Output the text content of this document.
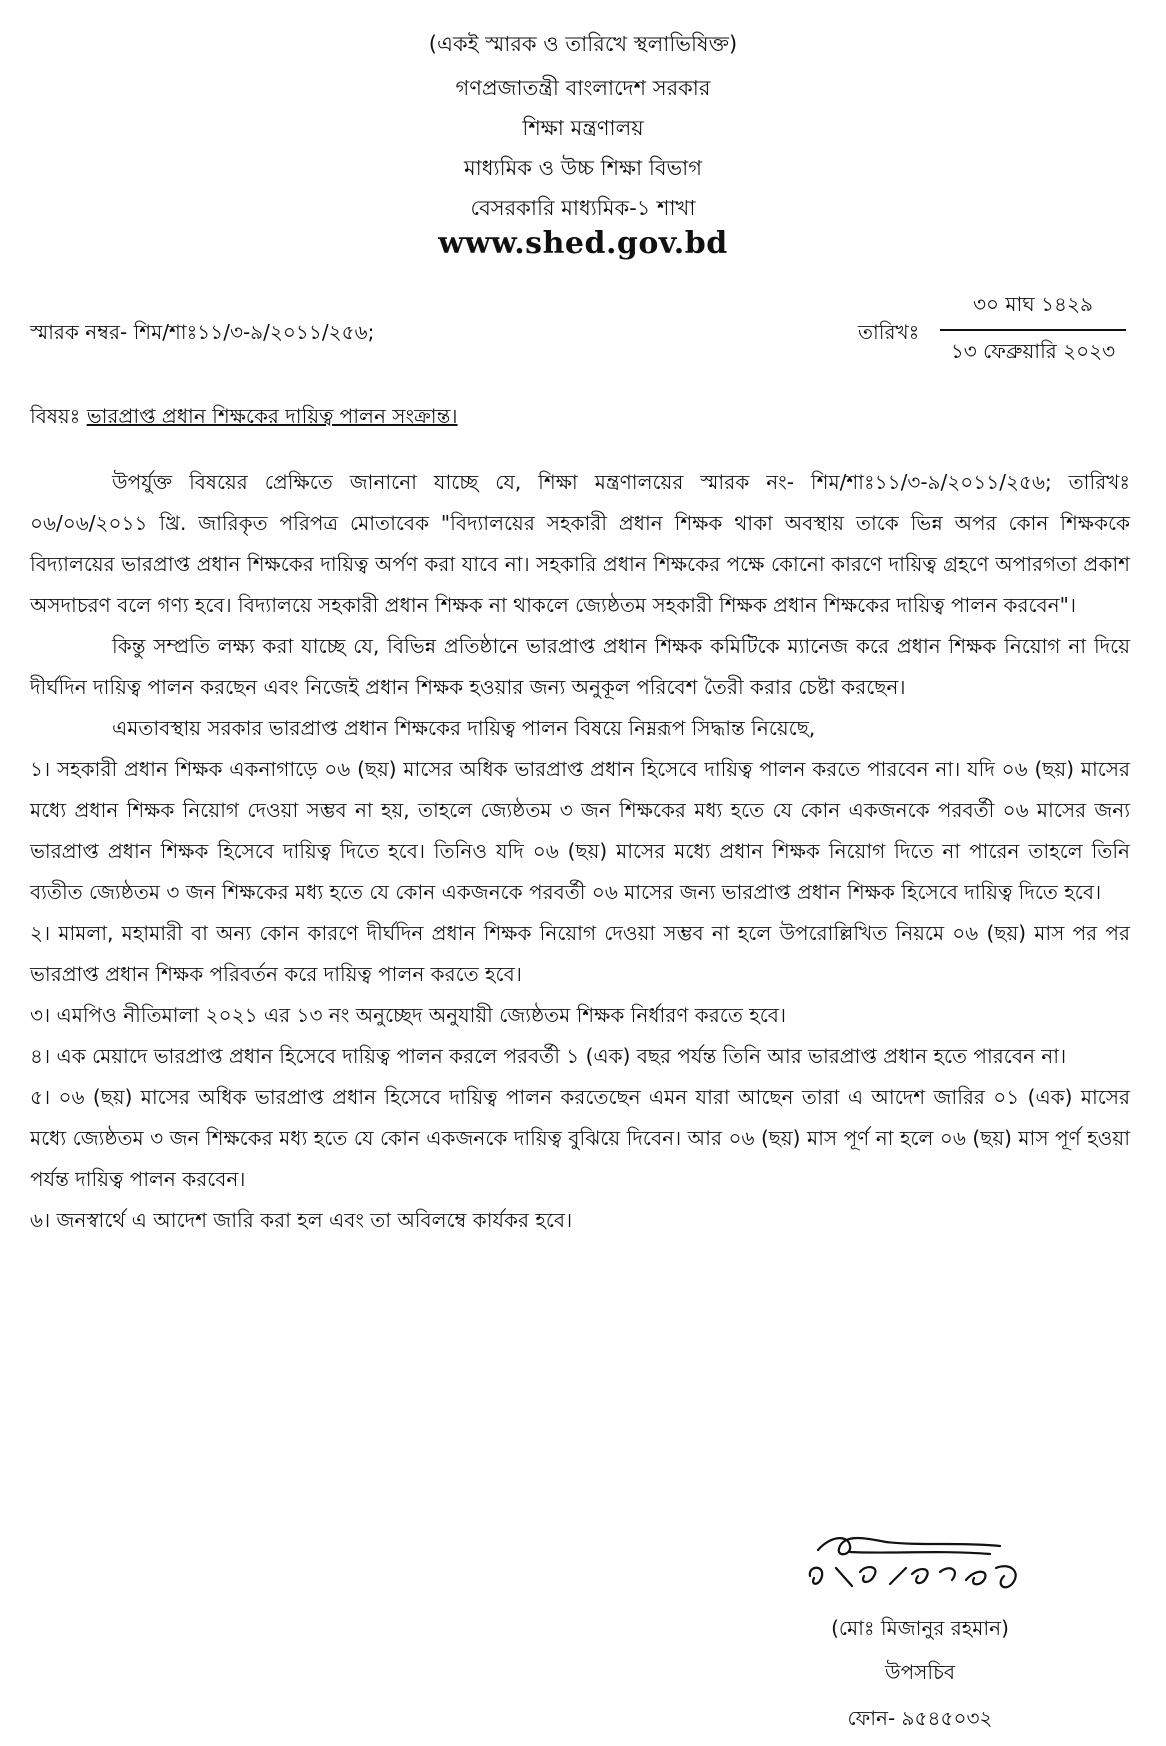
(একই স্মারক ও তারিখে স্থলাভিষিক্ত)
গণপ্রজাতন্ত্রী বাংলাদেশ সরকার
শিক্ষা মন্ত্রণালয়
মাধ্যমিক ও উচ্চ শিক্ষা বিভাগ
বেসরকারি মাধ্যমিক-১ শাখা
www.shed.gov.bd
স্মারক নম্বর- শিম/শাঃ১১/৩-৯/২০১১/২৫৬;	তারিখঃ
৩০ মাঘ ১৪২৯
১৩ ফেব্রুয়ারি ২০২৩
বিষয়ঃ ভারপ্রাপ্ত প্রধান শিক্ষকের দায়িত্ব পালন সংক্রান্ত।

উপর্যুক্ত বিষয়ের প্রেক্ষিতে জানানো যাচ্ছে যে, শিক্ষা মন্ত্রণালয়ের স্মারক নং- শিম/শাঃ১১/৩-৯/২০১১/২৫৬; তারিখঃ ০৬/০৬/২০১১ খ্রি. জারিকৃত পরিপত্র মোতাবেক "বিদ্যালয়ের সহকারী প্রধান শিক্ষক থাকা অবস্থায় তাকে ভিন্ন অপর কোন শিক্ষককে বিদ্যালয়ের ভারপ্রাপ্ত প্রধান শিক্ষকের দায়িত্ব অর্পণ করা যাবে না। সহকারি প্রধান শিক্ষকের পক্ষে কোনো কারণে দায়িত্ব গ্রহণে অপারগতা প্রকাশ অসদাচরণ বলে গণ্য হবে। বিদ্যালয়ে সহকারী প্রধান শিক্ষক না থাকলে জ্যেষ্ঠতম সহকারী শিক্ষক প্রধান শিক্ষকের দায়িত্ব পালন করবেন"।

কিন্তু সম্প্রতি লক্ষ্য করা যাচ্ছে যে, বিভিন্ন প্রতিষ্ঠানে ভারপ্রাপ্ত প্রধান শিক্ষক কমিটিকে ম্যানেজ করে প্রধান শিক্ষক নিয়োগ না দিয়ে দীর্ঘদিন দায়িত্ব পালন করছেন এবং নিজেই প্রধান শিক্ষক হওয়ার জন্য অনুকূল পরিবেশ তৈরী করার চেষ্টা করছেন।

এমতাবস্থায় সরকার ভারপ্রাপ্ত প্রধান শিক্ষকের দায়িত্ব পালন বিষয়ে নিম্নরূপ সিদ্ধান্ত নিয়েছে,

১। সহকারী প্রধান শিক্ষক একনাগাড়ে ০৬ (ছয়) মাসের অধিক ভারপ্রাপ্ত প্রধান হিসেবে দায়িত্ব পালন করতে পারবেন না। যদি ০৬ (ছয়) মাসের মধ্যে প্রধান শিক্ষক নিয়োগ দেওয়া সম্ভব না হয়, তাহলে জ্যেষ্ঠতম ৩ জন শিক্ষকের মধ্য হতে যে কোন একজনকে পরবর্তী ০৬ মাসের জন্য ভারপ্রাপ্ত প্রধান শিক্ষক হিসেবে দায়িত্ব দিতে হবে। তিনিও যদি ০৬ (ছয়) মাসের মধ্যে প্রধান শিক্ষক নিয়োগ দিতে না পারেন তাহলে তিনি ব্যতীত জ্যেষ্ঠতম ৩ জন শিক্ষকের মধ্য হতে যে কোন একজনকে পরবর্তী ০৬ মাসের জন্য ভারপ্রাপ্ত প্রধান শিক্ষক হিসেবে দায়িত্ব দিতে হবে।

২। মামলা, মহামারী বা অন্য কোন কারণে দীর্ঘদিন প্রধান শিক্ষক নিয়োগ দেওয়া সম্ভব না হলে উপরোল্লিখিত নিয়মে ০৬ (ছয়) মাস পর পর ভারপ্রাপ্ত প্রধান শিক্ষক পরিবর্তন করে দায়িত্ব পালন করতে হবে।

৩। এমপিও নীতিমালা ২০২১ এর ১৩ নং অনুচ্ছেদ অনুযায়ী জ্যেষ্ঠতম শিক্ষক নির্ধারণ করতে হবে।

৪। এক মেয়াদে ভারপ্রাপ্ত প্রধান হিসেবে দায়িত্ব পালন করলে পরবর্তী ১ (এক) বছর পর্যন্ত তিনি আর ভারপ্রাপ্ত প্রধান হতে পারবেন না।

৫। ০৬ (ছয়) মাসের অধিক ভারপ্রাপ্ত প্রধান হিসেবে দায়িত্ব পালন করতেছেন এমন যারা আছেন তারা এ আদেশ জারির ০১ (এক) মাসের মধ্যে জ্যেষ্ঠতম ৩ জন শিক্ষকের মধ্য হতে যে কোন একজনকে দায়িত্ব বুঝিয়ে দিবেন। আর ০৬ (ছয়) মাস পূর্ণ না হলে ০৬ (ছয়) মাস পূর্ণ হওয়া পর্যন্ত দায়িত্ব পালন করবেন।

৬। জনস্বার্থে এ আদেশ জারি করা হল এবং তা অবিলম্বে কার্যকর হবে।

(মোঃ মিজানুর রহমান)
উপসচিব
ফোন- ৯৫৪৫০৩২
